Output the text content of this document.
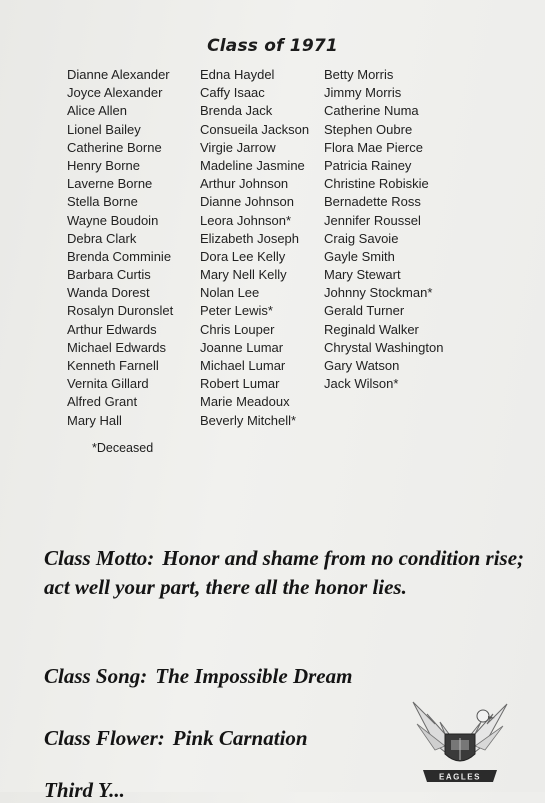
Class of 1971
Dianne Alexander
Joyce Alexander
Alice Allen
Lionel Bailey
Catherine Borne
Henry Borne
Laverne Borne
Stella Borne
Wayne Boudoin
Debra Clark
Brenda Comminie
Barbara Curtis
Wanda Dorest
Rosalyn Duronslet
Arthur Edwards
Michael Edwards
Kenneth Farnell
Vernita Gillard
Alfred Grant
Mary Hall
Edna Haydel
Caffy Isaac
Brenda Jack
Consueila Jackson
Virgie Jarrow
Madeline Jasmine
Arthur Johnson
Dianne Johnson
Leora Johnson*
Elizabeth Joseph
Dora Lee Kelly
Mary Nell Kelly
Nolan Lee
Peter Lewis*
Chris Louper
Joanne Lumar
Michael Lumar
Robert Lumar
Marie Meadoux
Beverly Mitchell*
Betty Morris
Jimmy Morris
Catherine Numa
Stephen Oubre
Flora Mae Pierce
Patricia Rainey
Christine Robiskie
Bernadette Ross
Jennifer Roussel
Craig Savoie
Gayle Smith
Mary Stewart
Johnny Stockman*
Gerald Turner
Reginald Walker
Chrystal Washington
Gary Watson
Jack Wilson*
*Deceased
Class Motto: Honor and shame from no condition rise; act well your part, there all the honor lies.
Class Song: The Impossible Dream
Class Flower: Pink Carnation
Third Y...
EAGLES
